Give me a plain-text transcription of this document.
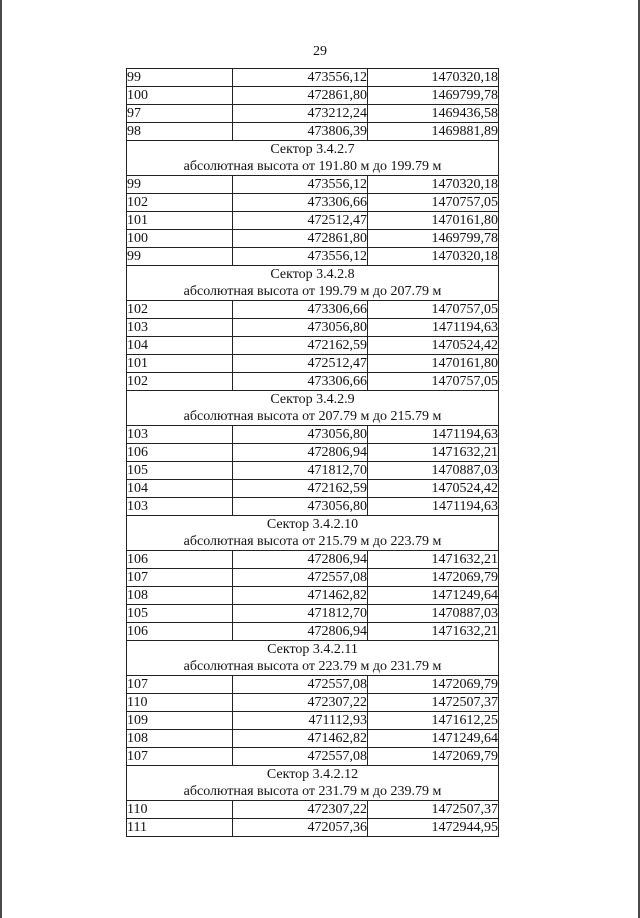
29
99	473556,12	1470320,18
100	472861,80	1469799,78
97	473212,24	1469436,58
98	473806,39	1469881,89

Сектор 3.4.2.7
абсолютная высота от 191.80 м до 199.79 м		

99	473556,12	1470320,18
102	473306,66	1470757,05
101	472512,47	1470161,80
100	472861,80	1469799,78
99	473556,12	1470320,18

Сектор 3.4.2.8
абсолютная высота от 199.79 м до 207.79 м		

102	473306,66	1470757,05
103	473056,80	1471194,63
104	472162,59	1470524,42
101	472512,47	1470161,80
102	473306,66	1470757,05

Сектор 3.4.2.9
абсолютная высота от 207.79 м до 215.79 м		

103	473056,80	1471194,63
106	472806,94	1471632,21
105	471812,70	1470887,03
104	472162,59	1470524,42
103	473056,80	1471194,63

Сектор 3.4.2.10
абсолютная высота от 215.79 м до 223.79 м		

106	472806,94	1471632,21
107	472557,08	1472069,79
108	471462,82	1471249,64
105	471812,70	1470887,03
106	472806,94	1471632,21

Сектор 3.4.2.11
абсолютная высота от 223.79 м до 231.79 м		

107	472557,08	1472069,79
110	472307,22	1472507,37
109	471112,93	1471612,25
108	471462,82	1471249,64
107	472557,08	1472069,79

Сектор 3.4.2.12
абсолютная высота от 231.79 м до 239.79 м		

110	472307,22	1472507,37
111	472057,36	1472944,95
